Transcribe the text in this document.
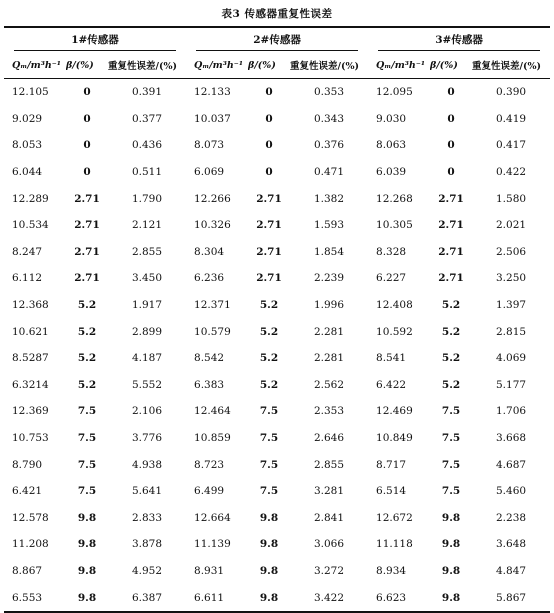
表3 传感器重复性误差
1#传感器			2#传感器			3#传感器		

Qₘ/m³h⁻¹	β/(%)	重复性误差/(%)	Qₘ/m³h⁻¹	β/(%)	重复性误差/(%)	Qₘ/m³h⁻¹	β/(%)	重复性误差/(%)
12.105	0	0.391	12.133	0	0.353	12.095	0	0.390
9.029	0	0.377	10.037	0	0.343	9.030	0	0.419
8.053	0	0.436	8.073	0	0.376	8.063	0	0.417
6.044	0	0.511	6.069	0	0.471	6.039	0	0.422
12.289	2.71	1.790	12.266	2.71	1.382	12.268	2.71	1.580
10.534	2.71	2.121	10.326	2.71	1.593	10.305	2.71	2.021
8.247	2.71	2.855	8.304	2.71	1.854	8.328	2.71	2.506
6.112	2.71	3.450	6.236	2.71	2.239	6.227	2.71	3.250
12.368	5.2	1.917	12.371	5.2	1.996	12.408	5.2	1.397
10.621	5.2	2.899	10.579	5.2	2.281	10.592	5.2	2.815
8.5287	5.2	4.187	8.542	5.2	2.281	8.541	5.2	4.069
6.3214	5.2	5.552	6.383	5.2	2.562	6.422	5.2	5.177
12.369	7.5	2.106	12.464	7.5	2.353	12.469	7.5	1.706
10.753	7.5	3.776	10.859	7.5	2.646	10.849	7.5	3.668
8.790	7.5	4.938	8.723	7.5	2.855	8.717	7.5	4.687
6.421	7.5	5.641	6.499	7.5	3.281	6.514	7.5	5.460
12.578	9.8	2.833	12.664	9.8	2.841	12.672	9.8	2.238
11.208	9.8	3.878	11.139	9.8	3.066	11.118	9.8	3.648
8.867	9.8	4.952	8.931	9.8	3.272	8.934	9.8	4.847
6.553	9.8	6.387	6.611	9.8	3.422	6.623	9.8	5.867
